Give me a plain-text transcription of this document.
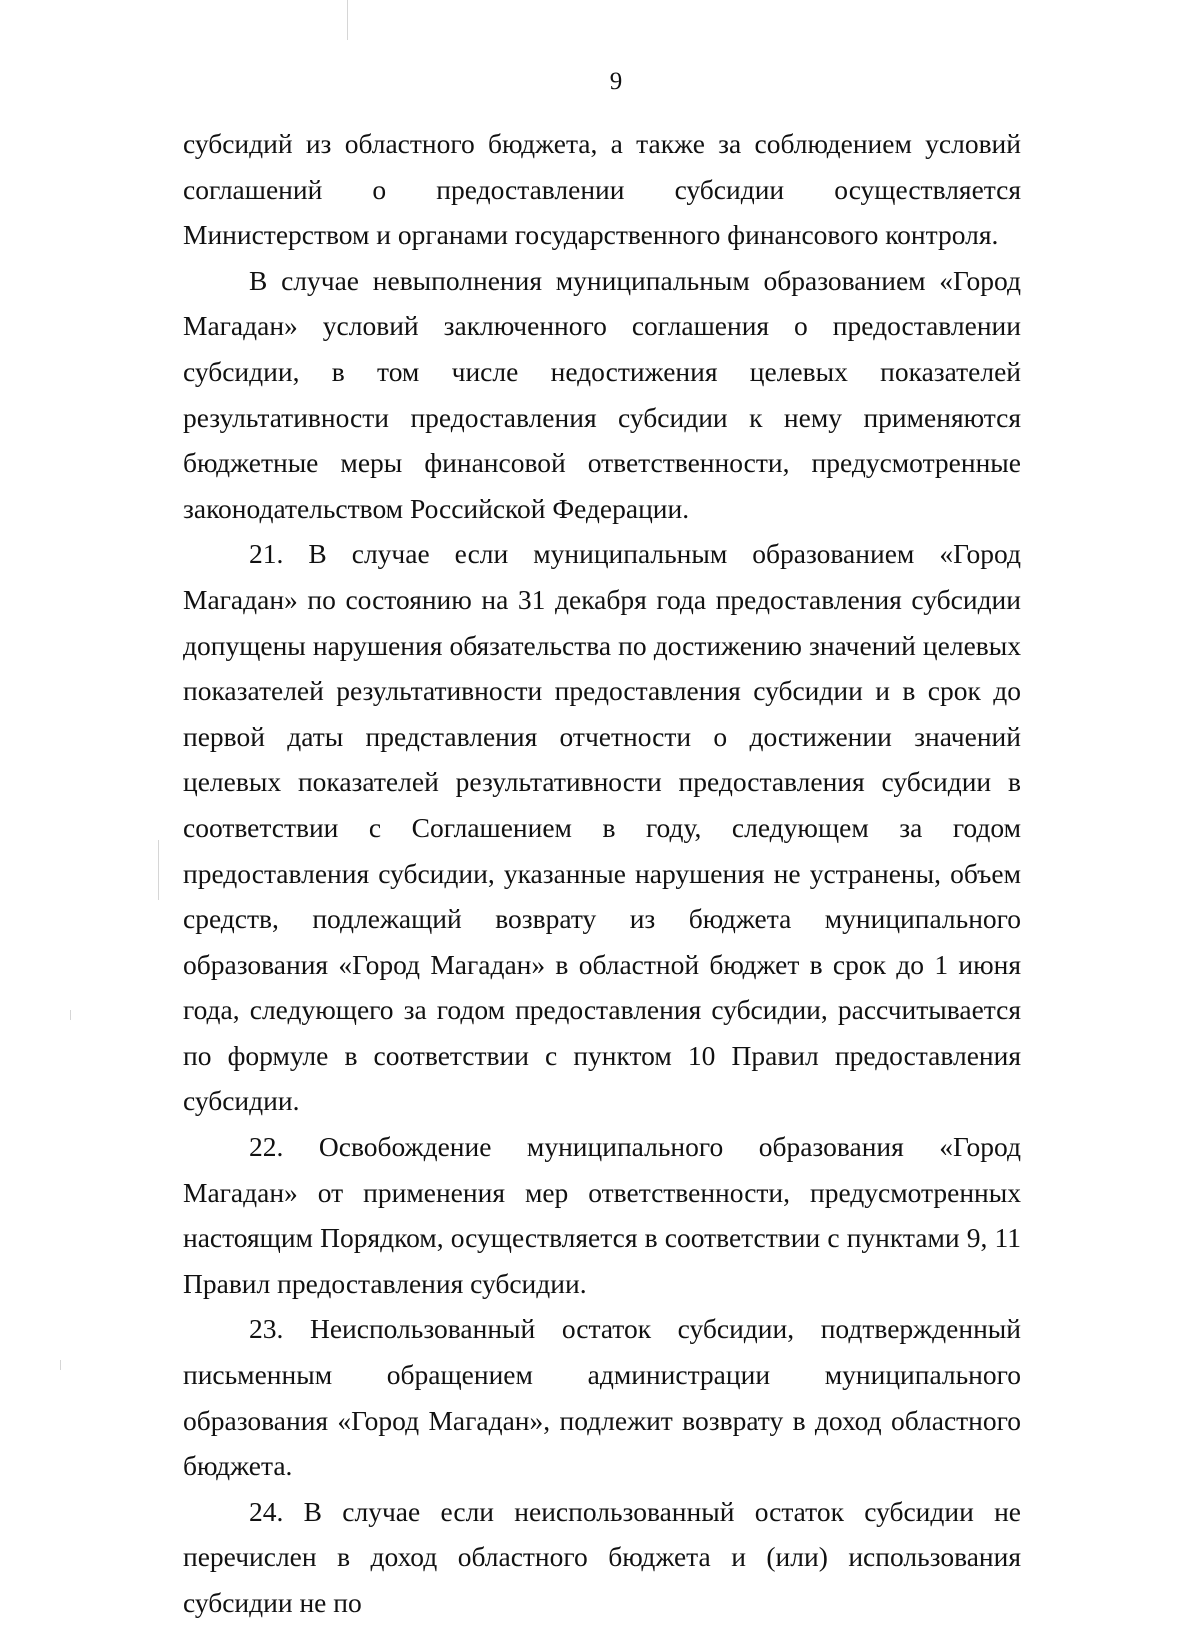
9

субсидий из областного бюджета, а также за соблюдением условий соглашений о предоставлении субсидии осуществляется Министерством и органами государственного финансового контроля.

В случае невыполнения муниципальным образованием «Город Магадан» условий заключенного соглашения о предоставлении субсидии, в том числе недостижения целевых показателей результативности предоставления субсидии к нему применяются бюджетные меры финансовой ответственности, предусмотренные законодательством Российской Федерации.

21. В случае если муниципальным образованием «Город Магадан» по состоянию на 31 декабря года предоставления субсидии допущены нарушения обязательства по достижению значений целевых показателей результативности предоставления субсидии и в срок до первой даты представления отчетности о достижении значений целевых показателей результативности предоставления субсидии в соответствии с Соглашением в году, следующем за годом предоставления субсидии, указанные нарушения не устранены, объем средств, подлежащий возврату из бюджета муниципального образования «Город Магадан» в областной бюджет в срок до 1 июня года, следующего за годом предоставления субсидии, рассчитывается по формуле в соответствии с пунктом 10 Правил предоставления субсидии.

22. Освобождение муниципального образования «Город Магадан» от применения мер ответственности, предусмотренных настоящим Порядком, осуществляется в соответствии с пунктами 9, 11 Правил предоставления субсидии.

23. Неиспользованный остаток субсидии, подтвержденный письменным обращением администрации муниципального образования «Город Магадан», подлежит возврату в доход областного бюджета.

24. В случае если неиспользованный остаток субсидии не перечислен в доход областного бюджета и (или) использования субсидии не по
